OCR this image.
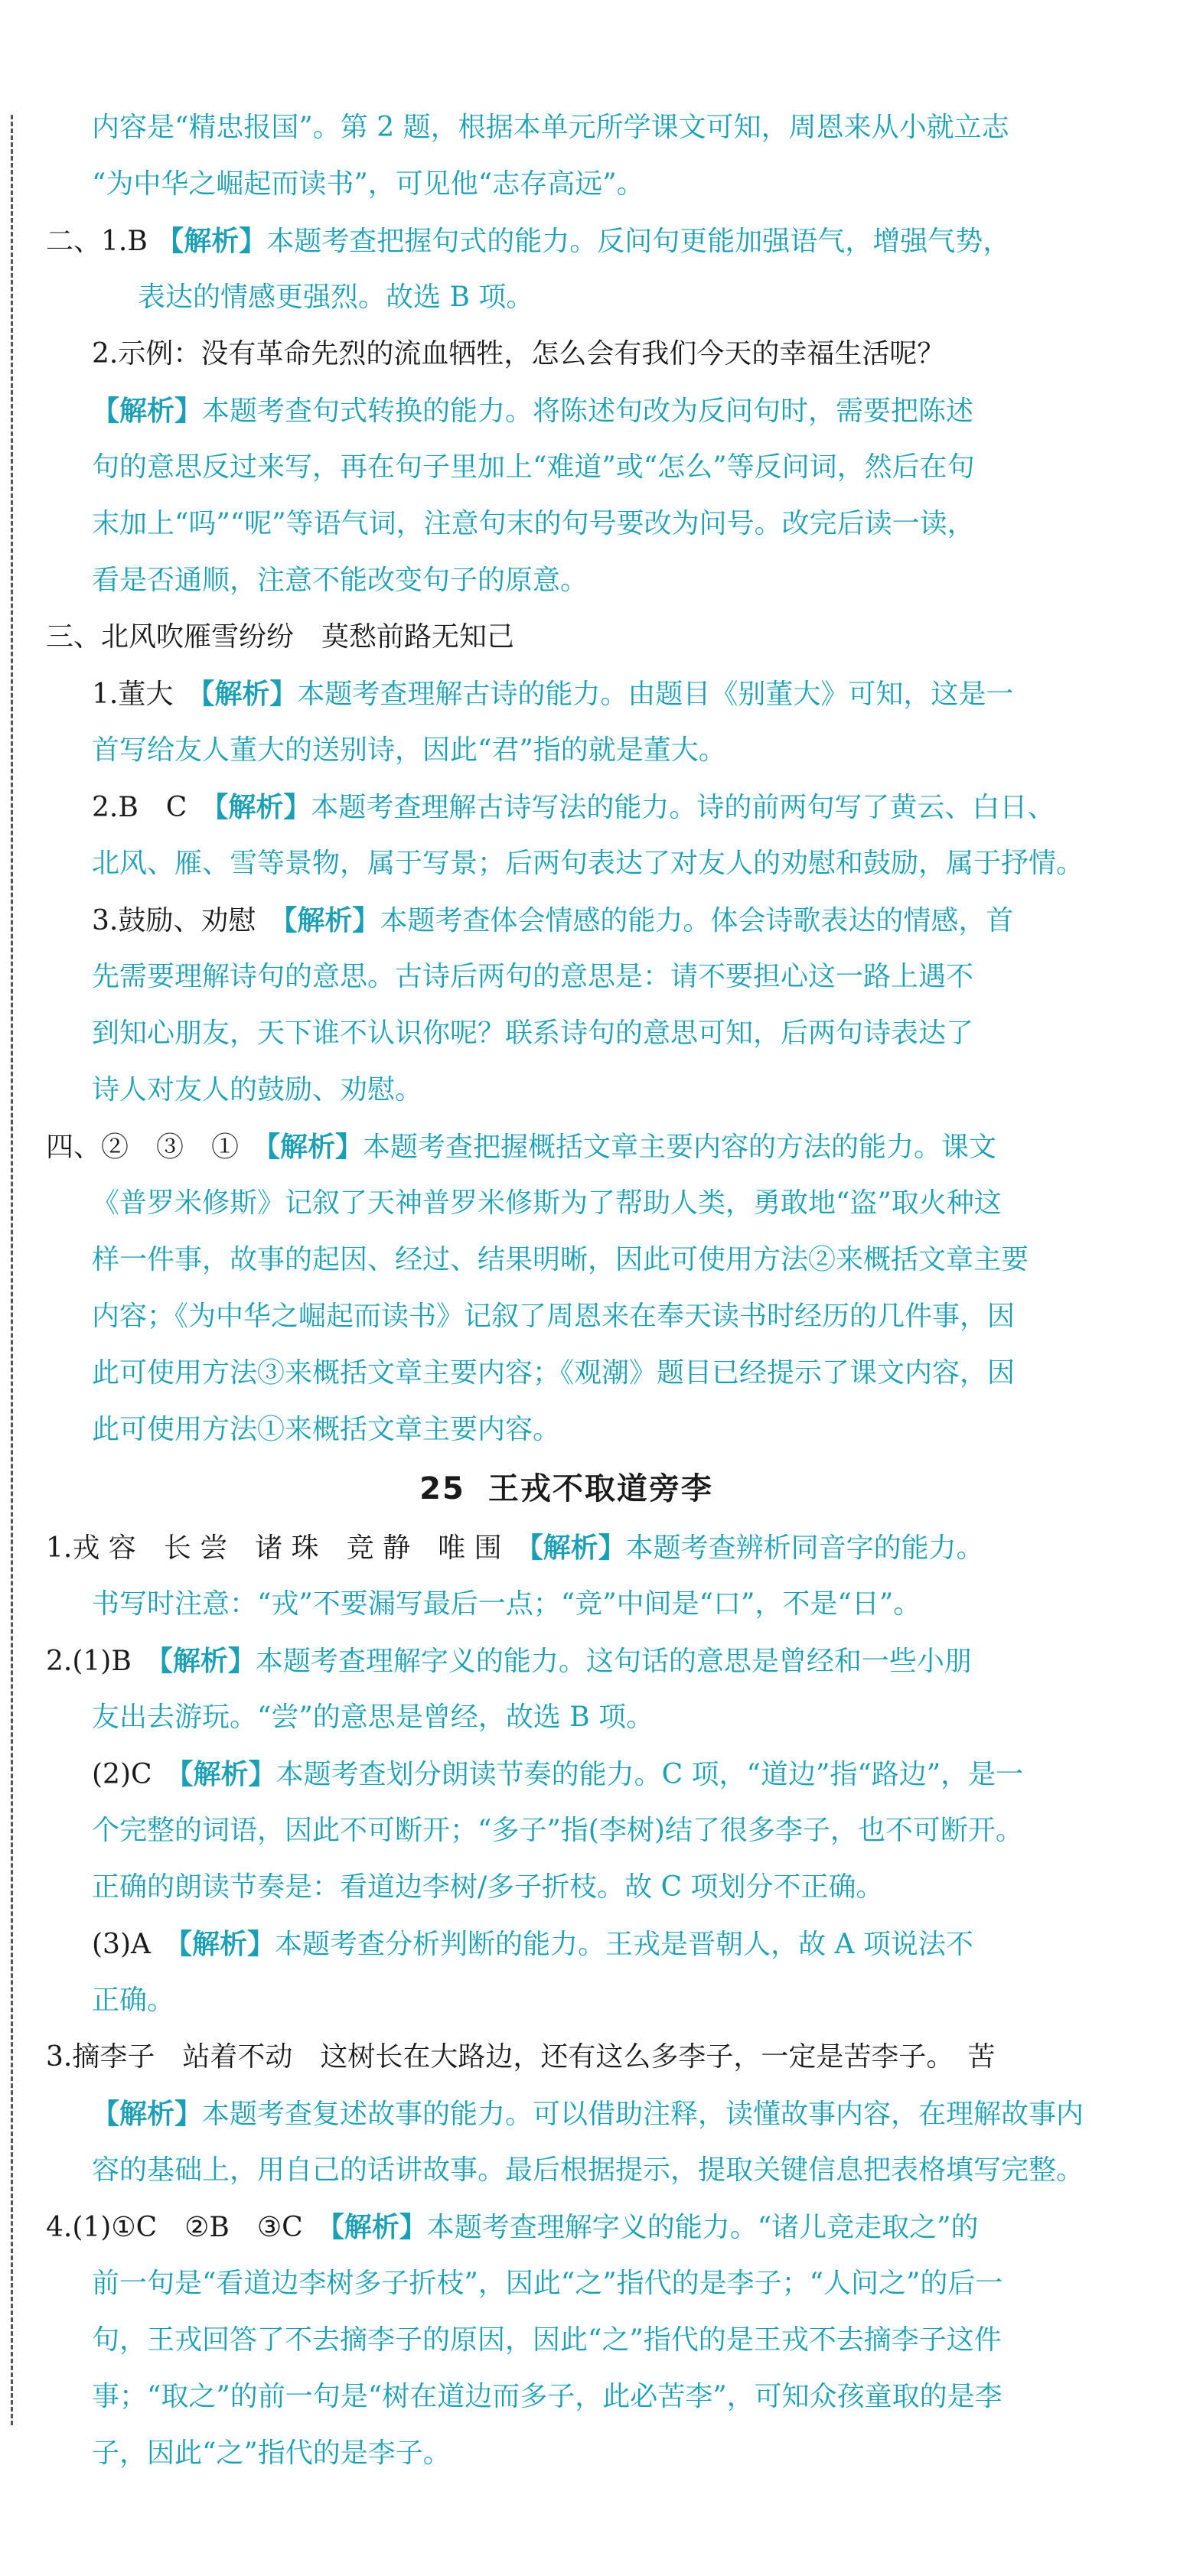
内容是“精忠报国”。第 2 题，根据本单元所学课文可知，周恩来从小就立志
“为中华之崛起而读书”，可见他“志存高远”。
二、1.B 【解析】本题考查把握句式的能力。反问句更能加强语气，增强气势，
表达的情感更强烈。故选 B 项。
2.示例：没有革命先烈的流血牺牲，怎么会有我们今天的幸福生活呢？
【解析】本题考查句式转换的能力。将陈述句改为反问句时，需要把陈述
句的意思反过来写，再在句子里加上“难道”或“怎么”等反问词，然后在句
末加上“吗”“呢”等语气词，注意句末的句号要改为问号。改完后读一读，
看是否通顺，注意不能改变句子的原意。
三、北风吹雁雪纷纷　莫愁前路无知己
1.董大　【解析】本题考查理解古诗的能力。由题目《别董大》可知，这是一
首写给友人董大的送别诗，因此“君”指的就是董大。
2.B　C　【解析】本题考查理解古诗写法的能力。诗的前两句写了黄云、白日、
北风、雁、雪等景物，属于写景；后两句表达了对友人的劝慰和鼓励，属于抒情。
3.鼓励、劝慰　【解析】本题考查体会情感的能力。体会诗歌表达的情感，首
先需要理解诗句的意思。古诗后两句的意思是：请不要担心这一路上遇不
到知心朋友，天下谁不认识你呢？联系诗句的意思可知，后两句诗表达了
诗人对友人的鼓励、劝慰。
四、②　③　①　【解析】本题考查把握概括文章主要内容的方法的能力。课文
《普罗米修斯》记叙了天神普罗米修斯为了帮助人类，勇敢地“盗”取火种这
样一件事，故事的起因、经过、结果明晰，因此可使用方法②来概括文章主要
内容；《为中华之崛起而读书》记叙了周恩来在奉天读书时经历的几件事，因
此可使用方法③来概括文章主要内容；《观潮》题目已经提示了课文内容，因
此可使用方法①来概括文章主要内容。
25 王戎不取道旁李
1.戎 容　长 尝　诸 珠　竞 静　唯 围　【解析】本题考查辨析同音字的能力。
书写时注意：“戎”不要漏写最后一点；“竞”中间是“口”，不是“日”。
2.(1)B　【解析】本题考查理解字义的能力。这句话的意思是曾经和一些小朋
友出去游玩。“尝”的意思是曾经，故选 B 项。
(2)C　【解析】本题考查划分朗读节奏的能力。C 项，“道边”指“路边”，是一
个完整的词语，因此不可断开；“多子”指(李树)结了很多李子，也不可断开。
正确的朗读节奏是：看道边李树/多子折枝。故 C 项划分不正确。
(3)A　【解析】本题考查分析判断的能力。王戎是晋朝人，故 A 项说法不
正确。
3.摘李子　站着不动　这树长在大路边，还有这么多李子，一定是苦李子。　苦
【解析】本题考查复述故事的能力。可以借助注释，读懂故事内容，在理解故事内
容的基础上，用自己的话讲故事。最后根据提示，提取关键信息把表格填写完整。
4.(1)①C　②B　③C　【解析】本题考查理解字义的能力。“诸儿竞走取之”的
前一句是“看道边李树多子折枝”，因此“之”指代的是李子；“人问之”的后一
句，王戎回答了不去摘李子的原因，因此“之”指代的是王戎不去摘李子这件
事；“取之”的前一句是“树在道边而多子，此必苦李”，可知众孩童取的是李
子，因此“之”指代的是李子。
